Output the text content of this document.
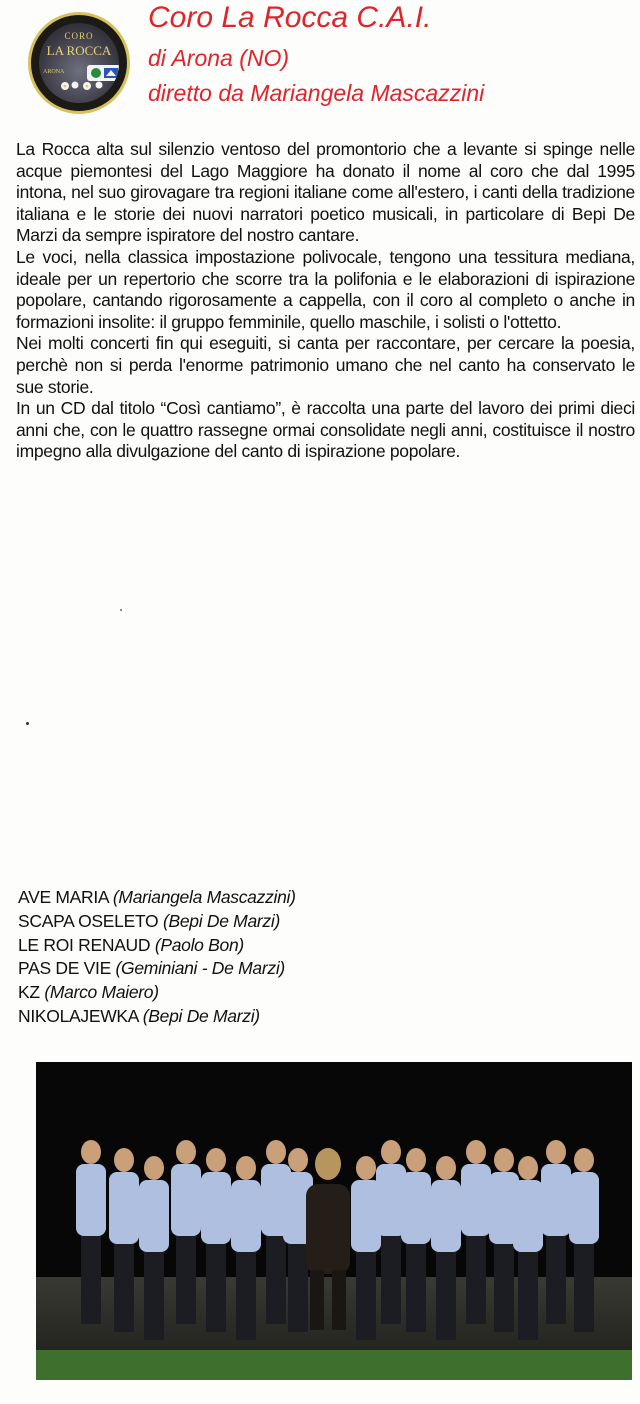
CORO
LA ROCCA
ARONA
Coro La Rocca C.A.I.
di Arona (NO)
diretto da Mariangela Mascazzini

La Rocca alta sul silenzio ventoso del promontorio che a levante si spinge nelle acque piemontesi del Lago Maggiore ha donato il nome al coro che dal 1995 intona, nel suo girovagare tra regioni italiane come all'estero, i canti della tradizione italiana e le storie dei nuovi narratori poetico musicali, in particolare di Bepi De Marzi da sempre ispiratore del nostro cantare.

Le voci, nella classica impostazione polivocale, tengono una tessitura mediana, ideale per un repertorio che scorre tra la polifonia e le elaborazioni di ispirazione popolare, cantando rigorosamente a cappella, con il coro al completo o anche in formazioni insolite: il gruppo femminile, quello maschile, i solisti o l'ottetto.

Nei molti concerti fin qui eseguiti, si canta per raccontare, per cercare la poesia, perchè non si perda l'enorme patrimonio umano che nel canto ha conservato le sue storie.

In un CD dal titolo “Così cantiamo”, è raccolta una parte del lavoro dei primi dieci anni che, con le quattro rassegne ormai consolidate negli anni, costituisce il nostro impegno alla divulgazione del canto di ispirazione popolare.

AVE MARIA (Mariangela Mascazzini)
SCAPA OSELETO (Bepi De Marzi)
LE ROI RENAUD (Paolo Bon)
PAS DE VIE (Geminiani - De Marzi)
KZ (Marco Maiero)
NIKOLAJEWKA (Bepi De Marzi)
